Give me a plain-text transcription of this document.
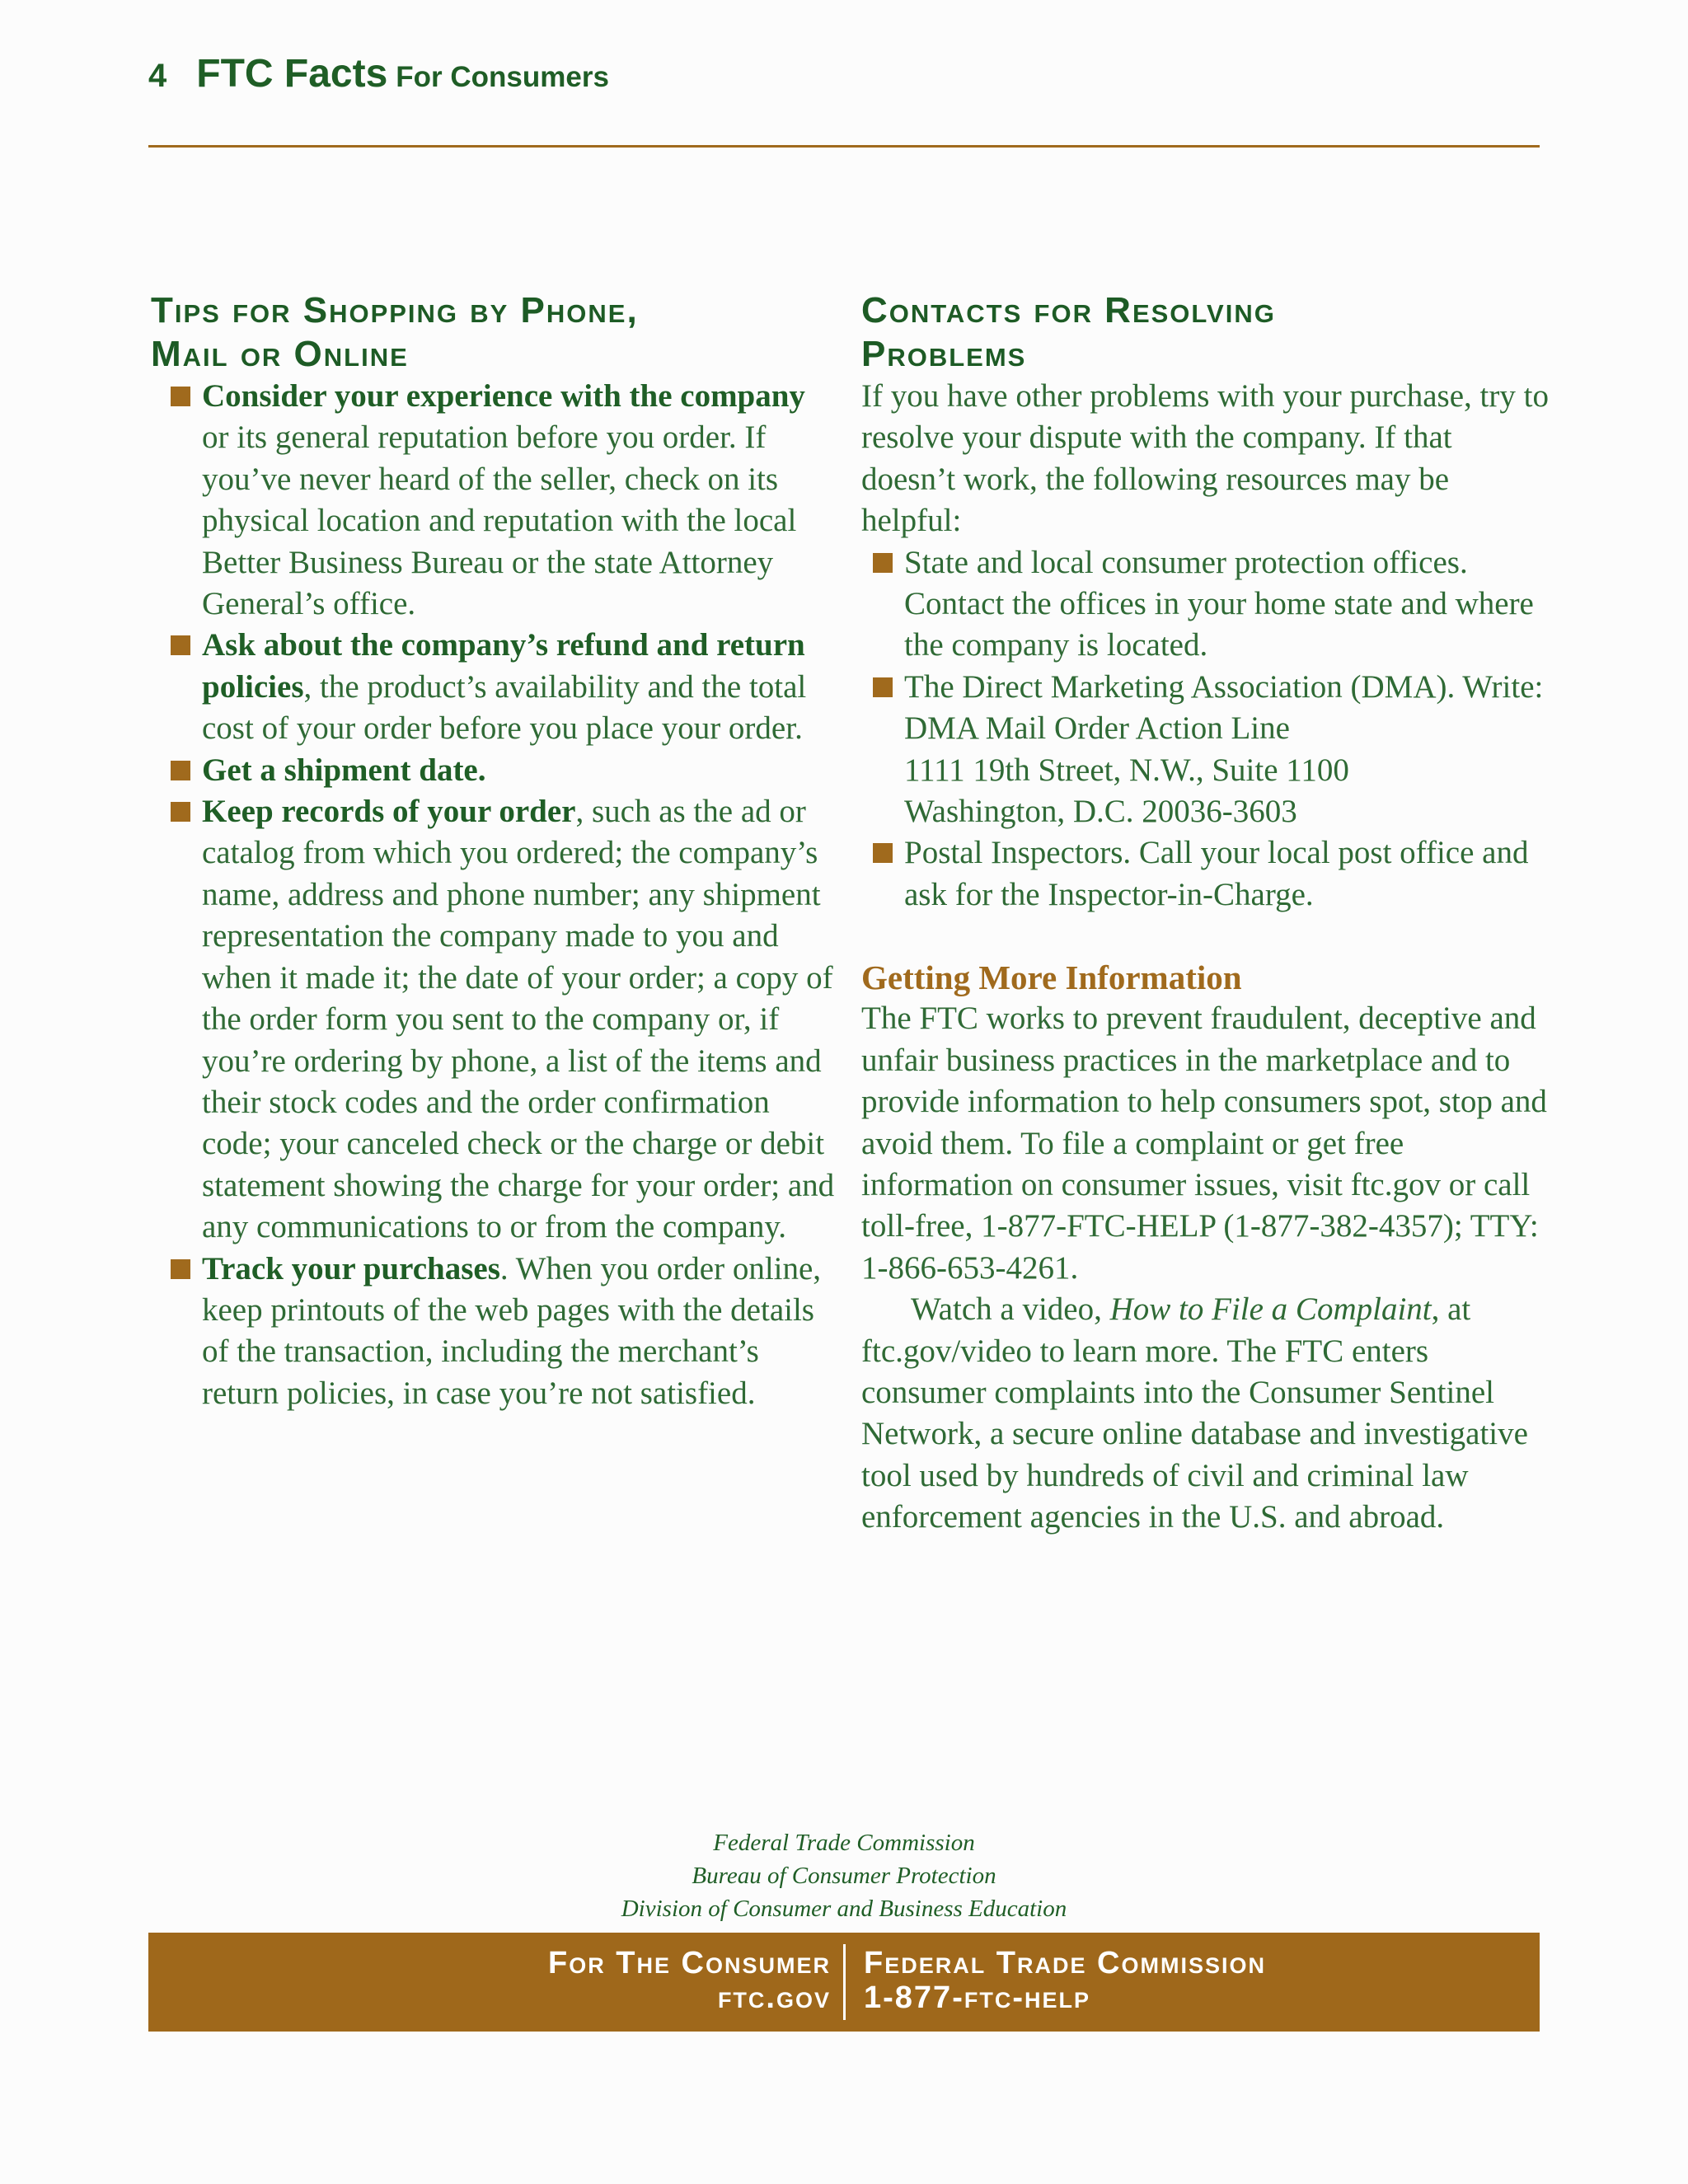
4 FTC Facts For Consumers
Tips for Shopping by Phone,
Mail or Online
Consider your experience with the company or its general reputation before you order. If you’ve never heard of the seller, check on its physical location and reputation with the local Better Business Bureau or the state Attorney General’s office.
Ask about the company’s refund and return policies, the product’s availability and the total cost of your order before you place your order.
Get a shipment date.
Keep records of your order, such as the ad or catalog from which you ordered; the company’s name, address and phone number; any shipment representation the company made to you and when it made it; the date of your order; a copy of the order form you sent to the company or, if you’re ordering by phone, a list of the items and their stock codes and the order confirmation code; your canceled check or the charge or debit statement showing the charge for your order; and any communications to or from the company.
Track your purchases. When you order online, keep printouts of the web pages with the details of the transaction, including the merchant’s return policies, in case you’re not satisfied.
Contacts for Resolving
Problems

If you have other problems with your purchase, try to resolve your dispute with the company. If that doesn’t work, the following resources may be helpful:

State and local consumer protection offices. Contact the offices in your home state and where the company is located.
The Direct Marketing Association (DMA). Write:
DMA Mail Order Action Line
1111 19th Street, N.W., Suite 1100
Washington, D.C. 20036-3603
Postal Inspectors. Call your local post office and ask for the Inspector-in-Charge.
Getting More Information

The FTC works to prevent fraudulent, deceptive and unfair business practices in the marketplace and to provide information to help consumers spot, stop and avoid them. To file a complaint or get free information on consumer issues, visit ftc.gov or call toll-free, 1-877-FTC-HELP (1-877-382-4357); TTY: 1-866-653-4261.

Watch a video, How to File a Complaint, at ftc.gov/video to learn more. The FTC enters consumer complaints into the Consumer Sentinel Network, a secure online database and investigative tool used by hundreds of civil and criminal law enforcement agencies in the U.S. and abroad.

Federal Trade Commission
Bureau of Consumer Protection
Division of Consumer and Business Education
For The Consumer
ftc.gov
Federal Trade Commission
1-877-ftc-help
